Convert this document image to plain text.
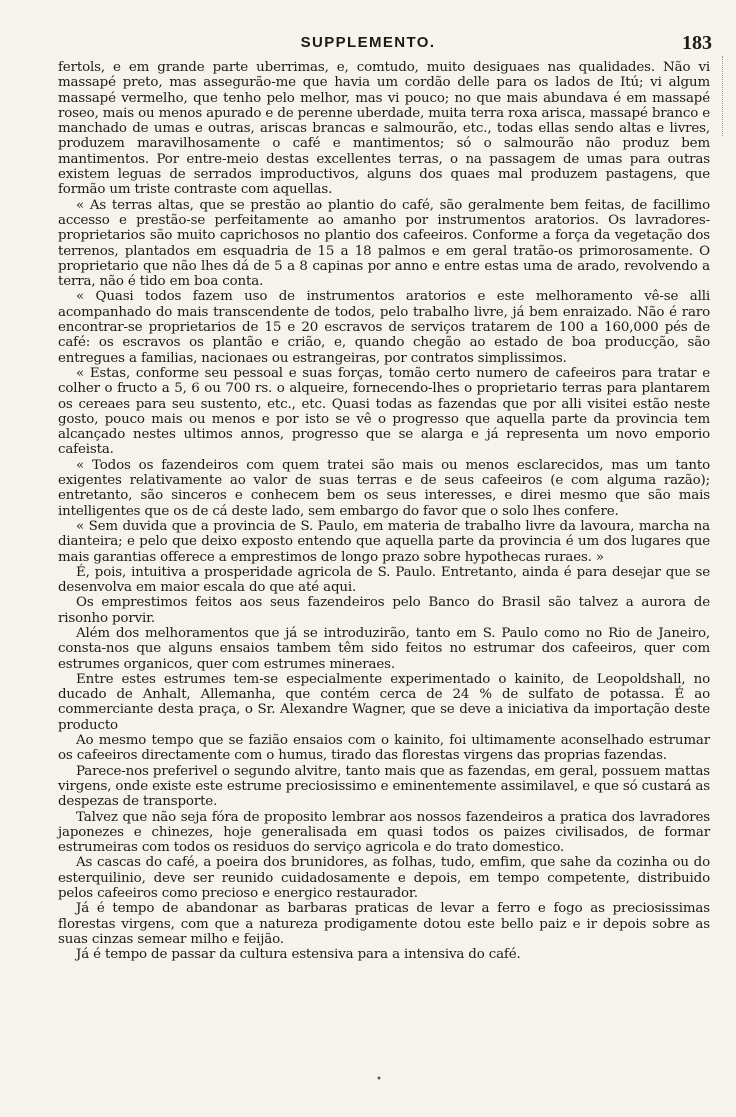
SUPPLEMENTO.	183

fertols, e em grande parte uberrimas, e, comtudo, muito desiguaes nas qualidades. Não vi massapé preto, mas assegurão-me que havia um cordão delle para os lados de Itú; vi algum massapé vermelho, que tenho pelo melhor, mas vi pouco; no que mais abundava é em massapé roseo, mais ou menos apurado e de perenne uberdade, muita terra roxa arisca, massapé branco e manchado de umas e outras, ariscas brancas e salmourão, etc., todas ellas sendo altas e livres, produzem maravilhosamente o café e mantimentos; só o salmourão não produz bem mantimentos. Por entre-meio destas excellentes terras, o na passagem de umas para outras existem leguas de serrados improductivos, alguns dos quaes mal produzem pastagens, que formão um triste contraste com aquellas.

« As terras altas, que se prestão ao plantio do café, são geralmente bem feitas, de facillimo accesso e prestão-se perfeitamente ao amanho por instrumentos aratorios. Os lavradores-proprietarios são muito caprichosos no plantio dos cafeeiros. Conforme a força da vegetação dos terrenos, plantados em esquadria de 15 a 18 palmos e em geral tratão-os primorosamente. O proprietario que não lhes dá de 5 a 8 capinas por anno e entre estas uma de arado, revolvendo a terra, não é tido em boa conta.

« Quasi todos fazem uso de instrumentos aratorios e este melhoramento vê-se alli acompanhado do mais transcendente de todos, pelo trabalho livre, já bem enraizado. Não é raro encontrar-se proprietarios de 15 e 20 escravos de serviços tratarem de 100 a 160,000 pés de café: os escravos os plantão e crião, e, quando chegão ao estado de boa producção, são entregues a familias, nacionaes ou estrangeiras, por contratos simplissimos.

« Estas, conforme seu pessoal e suas forças, tomão certo numero de cafeeiros para tratar e colher o fructo a 5, 6 ou 700 rs. o alqueire, fornecendo-lhes o proprietario terras para plantarem os cereaes para seu sustento, etc., etc. Quasi todas as fazendas que por alli visitei estão neste gosto, pouco mais ou menos e por isto se vê o progresso que aquella parte da provincia tem alcançado nestes ultimos annos, progresso que se alarga e já representa um novo emporio cafeista.

« Todos os fazendeiros com quem tratei são mais ou menos esclarecidos, mas um tanto exigentes relativamente ao valor de suas terras e de seus cafeeiros (e com alguma razão); entretanto, são sinceros e conhecem bem os seus interesses, e direi mesmo que são mais intelligentes que os de cá deste lado, sem embargo do favor que o solo lhes confere.

« Sem duvida que a provincia de S. Paulo, em materia de trabalho livre da lavoura, marcha na dianteira; e pelo que deixo exposto entendo que aquella parte da provincia é um dos lugares que mais garantias offerece a emprestimos de longo prazo sobre hypothecas ruraes. »

É, pois, intuitiva a prosperidade agricola de S. Paulo. Entretanto, ainda é para desejar que se desenvolva em maior escala do que até aqui.

Os emprestimos feitos aos seus fazendeiros pelo Banco do Brasil são talvez a aurora de risonho porvir.

Além dos melhoramentos que já se introduzirão, tanto em S. Paulo como no Rio de Janeiro, consta-nos que alguns ensaios tambem têm sido feitos no estrumar dos cafeeiros, quer com estrumes organicos, quer com estrumes mineraes.

Entre estes estrumes tem-se especialmente experimentado o kainito, de Leopoldshall, no ducado de Anhalt, Allemanha, que contém cerca de 24 % de sulfato de potassa. É ao commerciante desta praça, o Sr. Alexandre Wagner, que se deve a iniciativa da importação deste producto

Ao mesmo tempo que se fazião ensaios com o kainito, foi ultimamente aconselhado estrumar os cafeeiros directamente com o humus, tirado das florestas virgens das proprias fazendas.

Parece-nos preferivel o segundo alvitre, tanto mais que as fazendas, em geral, possuem mattas virgens, onde existe este estrume preciosissimo e eminentemente assimilavel, e que só custará as despezas de transporte.

Talvez que não seja fóra de proposito lembrar aos nossos fazendeiros a pratica dos lavradores japonezes e chinezes, hoje generalisada em quasi todos os paizes civilisados, de formar estrumeiras com todos os residuos do serviço agricola e do trato domestico.

As cascas do café, a poeira dos brunidores, as folhas, tudo, emfim, que sahe da cozinha ou do esterquilinio, deve ser reunido cuidadosamente e depois, em tempo competente, distribuido pelos cafeeiros como precioso e energico restaurador.

Já é tempo de abandonar as barbaras praticas de levar a ferro e fogo as preciosissimas florestas virgens, com que a natureza prodigamente dotou este bello paiz e ir depois sobre as suas cinzas semear milho e feijão.

Já é tempo de passar da cultura estensiva para a intensiva do café.

•
